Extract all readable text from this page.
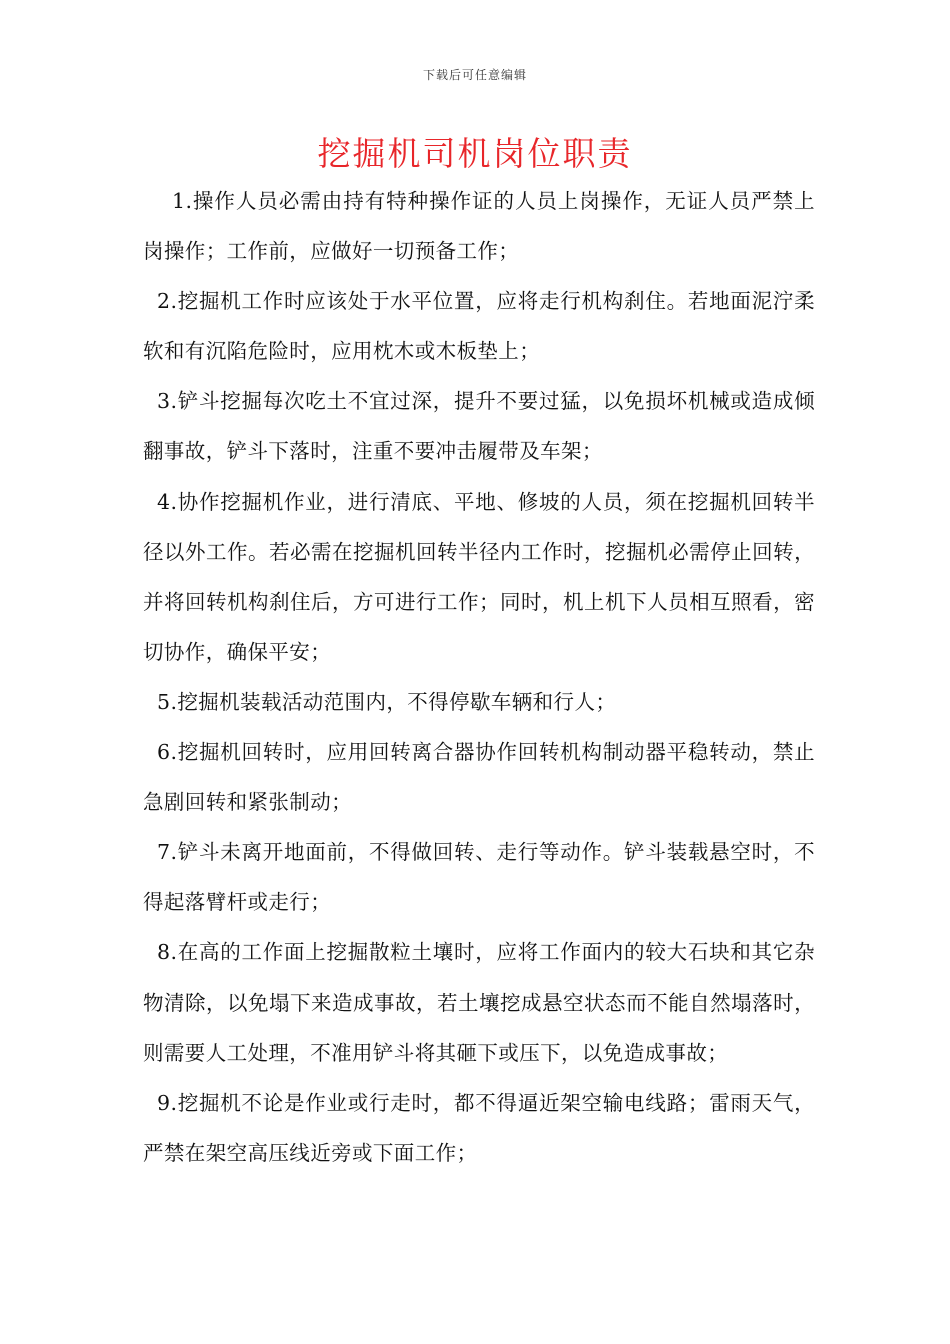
下载后可任意编辑
挖掘机司机岗位职责

1.操作人员必需由持有特种操作证的人员上岗操作，无证人员严禁上岗操作；工作前，应做好一切预备工作；

2.挖掘机工作时应该处于水平位置，应将走行机构刹住。若地面泥泞柔软和有沉陷危险时，应用枕木或木板垫上；

3.铲斗挖掘每次吃土不宜过深，提升不要过猛，以免损坏机械或造成倾翻事故，铲斗下落时，注重不要冲击履带及车架；

4.协作挖掘机作业，进行清底、平地、修坡的人员，须在挖掘机回转半径以外工作。若必需在挖掘机回转半径内工作时，挖掘机必需停止回转，并将回转机构刹住后，方可进行工作；同时，机上机下人员相互照看，密切协作，确保平安；

5.挖掘机装载活动范围内，不得停歇车辆和行人；

6.挖掘机回转时，应用回转离合器协作回转机构制动器平稳转动，禁止急剧回转和紧张制动；

7.铲斗未离开地面前，不得做回转、走行等动作。铲斗装载悬空时，不得起落臂杆或走行；

8.在高的工作面上挖掘散粒土壤时，应将工作面内的较大石块和其它杂物清除，以免塌下来造成事故，若土壤挖成悬空状态而不能自然塌落时，则需要人工处理，不准用铲斗将其砸下或压下，以免造成事故；

9.挖掘机不论是作业或行走时，都不得逼近架空输电线路；雷雨天气，严禁在架空高压线近旁或下面工作；
